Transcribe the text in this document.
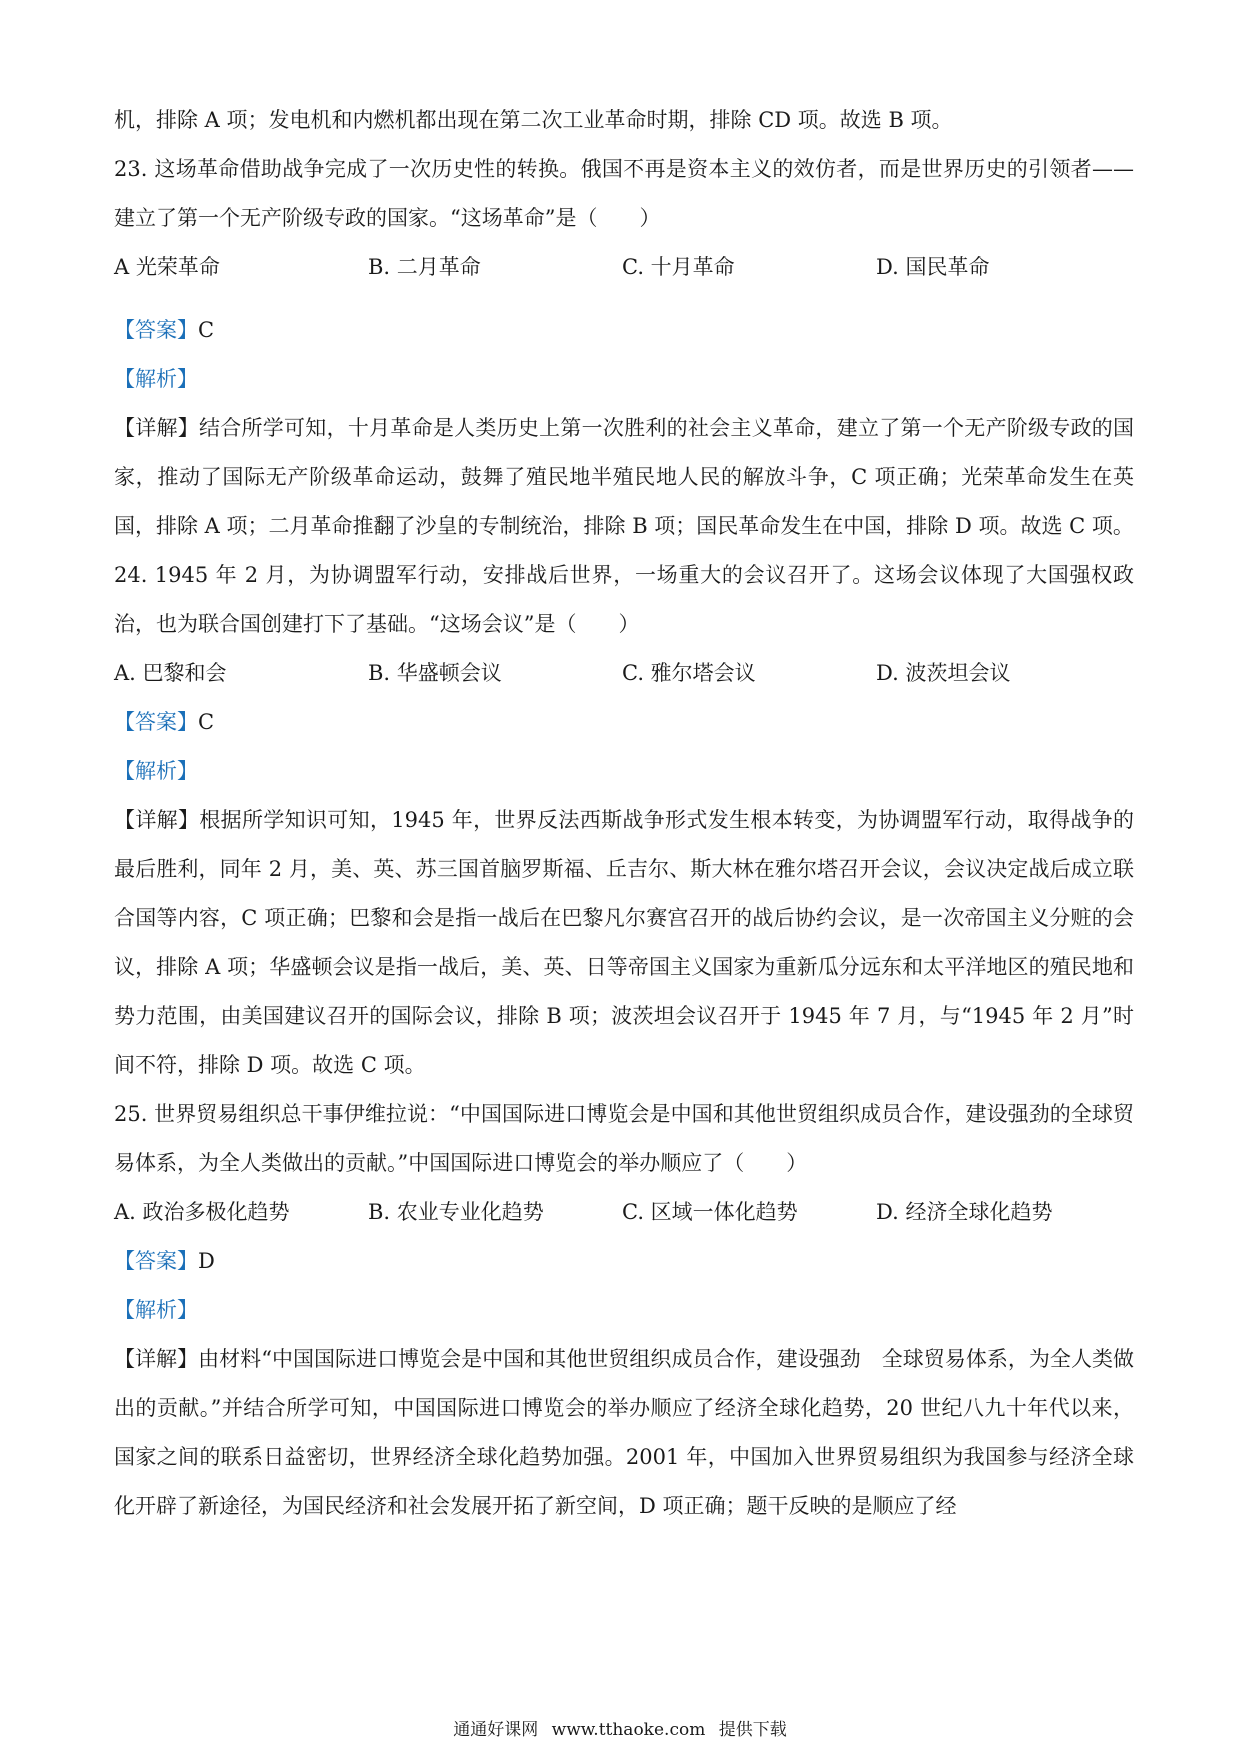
机，排除 A 项；发电机和内燃机都出现在第二次工业革命时期，排除 CD 项。故选 B 项。
23. 这场革命借助战争完成了一次历史性的转换。俄国不再是资本主义的效仿者，而是世界历史的引领者——建立了第一个无产阶级专政的国家。“这场革命”是（　　）
A 光荣革命	B. 二月革命	C. 十月革命	D. 国民革命
【答案】C
【解析】
【详解】结合所学可知，十月革命是人类历史上第一次胜利的社会主义革命，建立了第一个无产阶级专政的国家，推动了国际无产阶级革命运动，鼓舞了殖民地半殖民地人民的解放斗争，C 项正确；光荣革命发生在英国，排除 A 项；二月革命推翻了沙皇的专制统治，排除 B 项；国民革命发生在中国，排除 D 项。故选 C 项。
24. 1945 年 2 月，为协调盟军行动，安排战后世界，一场重大的会议召开了。这场会议体现了大国强权政治，也为联合国创建打下了基础。“这场会议”是（　　）
A. 巴黎和会	B. 华盛顿会议	C. 雅尔塔会议	D. 波茨坦会议
【答案】C
【解析】
【详解】根据所学知识可知，1945 年，世界反法西斯战争形式发生根本转变，为协调盟军行动，取得战争的最后胜利，同年 2 月，美、英、苏三国首脑罗斯福、丘吉尔、斯大林在雅尔塔召开会议，会议决定战后成立联合国等内容，C 项正确；巴黎和会是指一战后在巴黎凡尔赛宫召开的战后协约会议，是一次帝国主义分赃的会议，排除 A 项；华盛顿会议是指一战后，美、英、日等帝国主义国家为重新瓜分远东和太平洋地区的殖民地和势力范围，由美国建议召开的国际会议，排除 B 项；波茨坦会议召开于 1945 年 7 月，与“1945 年 2 月”时间不符，排除 D 项。故选 C 项。
25. 世界贸易组织总干事伊维拉说：“中国国际进口博览会是中国和其他世贸组织成员合作，建设强劲的全球贸易体系，为全人类做出的贡献。”中国国际进口博览会的举办顺应了（　　）
A. 政治多极化趋势	B. 农业专业化趋势	C. 区域一体化趋势	D. 经济全球化趋势
【答案】D
【解析】
【详解】由材料“中国国际进口博览会是中国和其他世贸组织成员合作，建设强劲　全球贸易体系，为全人类做出的贡献。”并结合所学可知，中国国际进口博览会的举办顺应了经济全球化趋势，20 世纪八九十年代以来，国家之间的联系日益密切，世界经济全球化趋势加强。2001 年，中国加入世界贸易组织为我国参与经济全球化开辟了新途径，为国民经济和社会发展开拓了新空间，D 项正确；题干反映的是顺应了经
通通好课网 www.tthaoke.com 提供下载
